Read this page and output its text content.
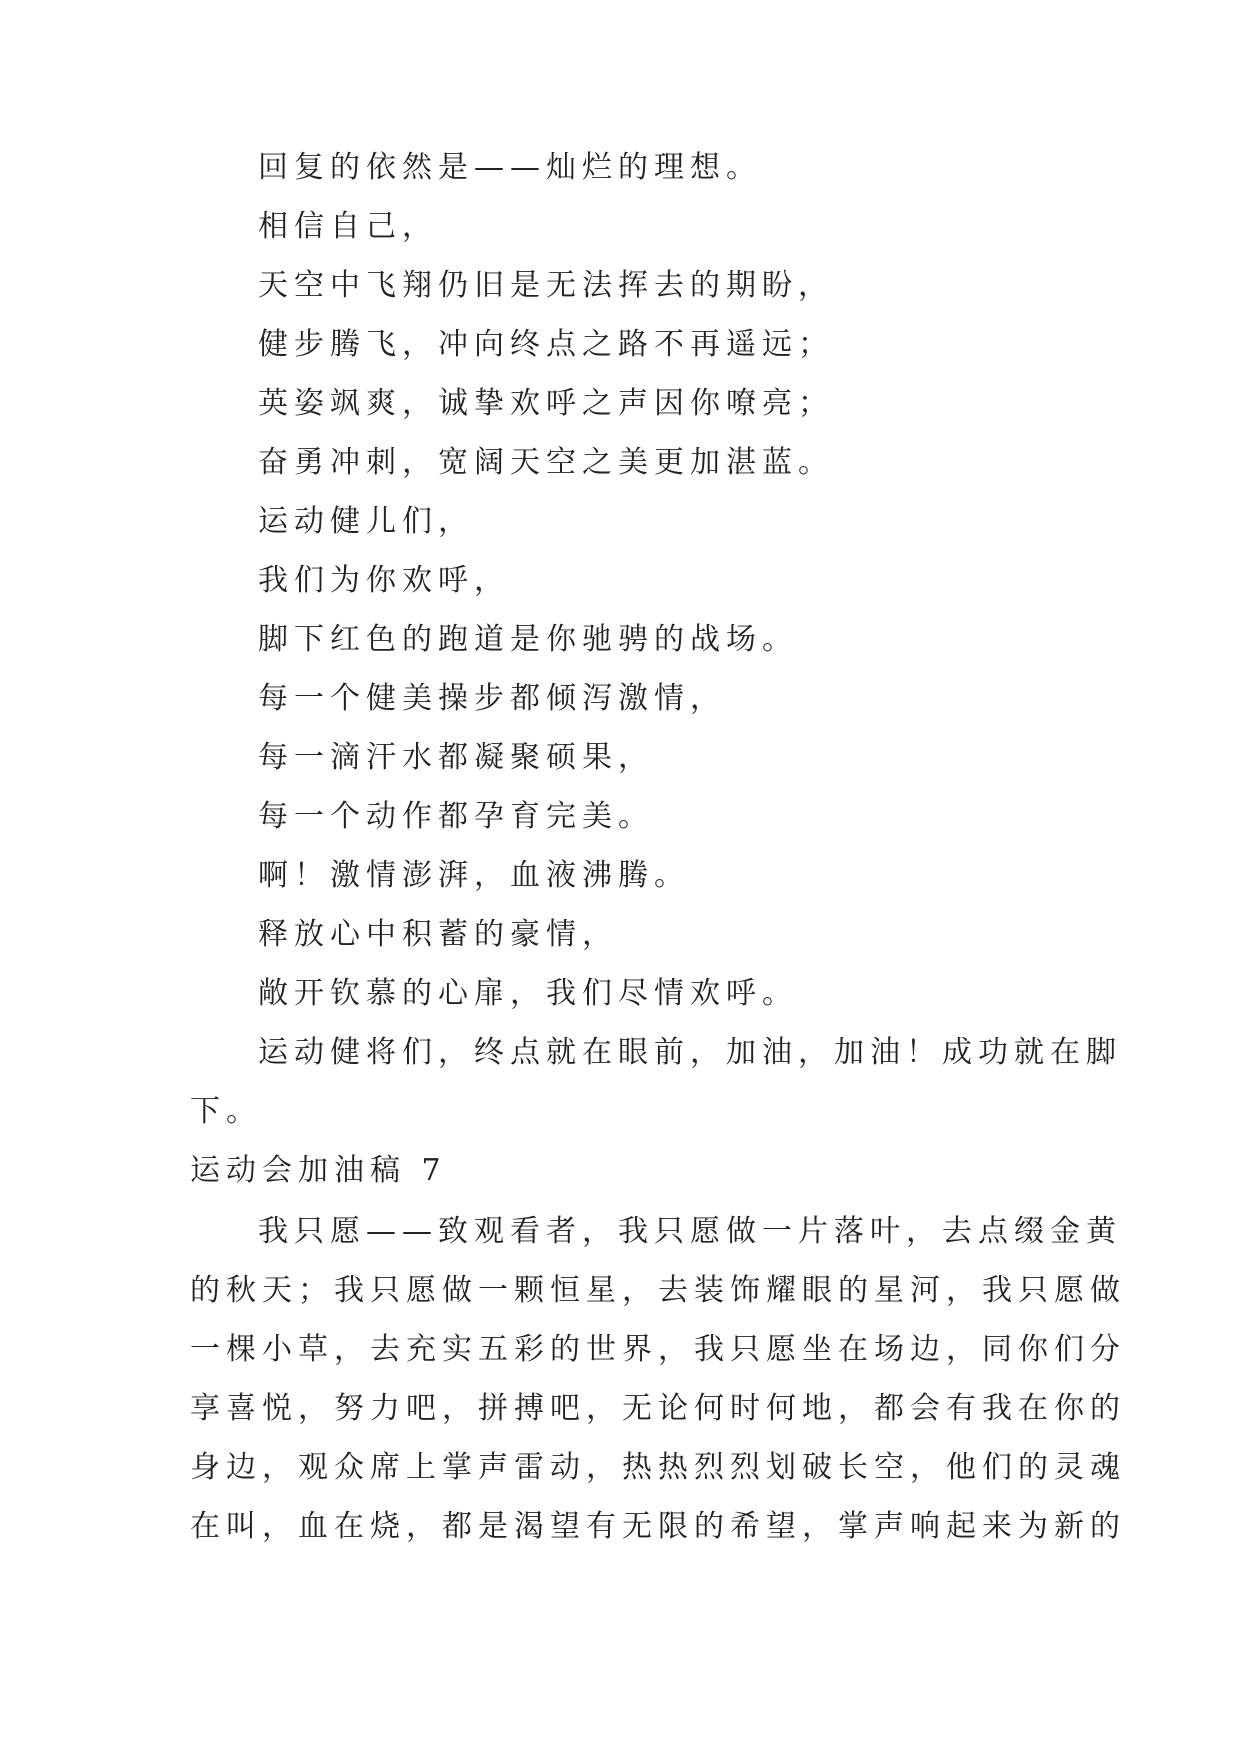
回复的依然是——灿烂的理想。
相信自己，
天空中飞翔仍旧是无法挥去的期盼，
健步腾飞，冲向终点之路不再遥远；
英姿飒爽，诚挚欢呼之声因你嘹亮；
奋勇冲刺，宽阔天空之美更加湛蓝。
运动健儿们，
我们为你欢呼，
脚下红色的跑道是你驰骋的战场。
每一个健美操步都倾泻激情，
每一滴汗水都凝聚硕果，
每一个动作都孕育完美。
啊！激情澎湃，血液沸腾。
释放心中积蓄的豪情，
敞开钦慕的心扉，我们尽情欢呼。
运动健将们，终点就在眼前，加油，加油！成功就在脚
下。
运动会加油稿 7
我只愿——致观看者，我只愿做一片落叶，去点缀金黄
的秋天；我只愿做一颗恒星，去装饰耀眼的星河，我只愿做
一棵小草，去充实五彩的世界，我只愿坐在场边，同你们分
享喜悦，努力吧，拼搏吧，无论何时何地，都会有我在你的
身边，观众席上掌声雷动，热热烈烈划破长空，他们的灵魂
在叫，血在烧，都是渴望有无限的希望，掌声响起来为新的
